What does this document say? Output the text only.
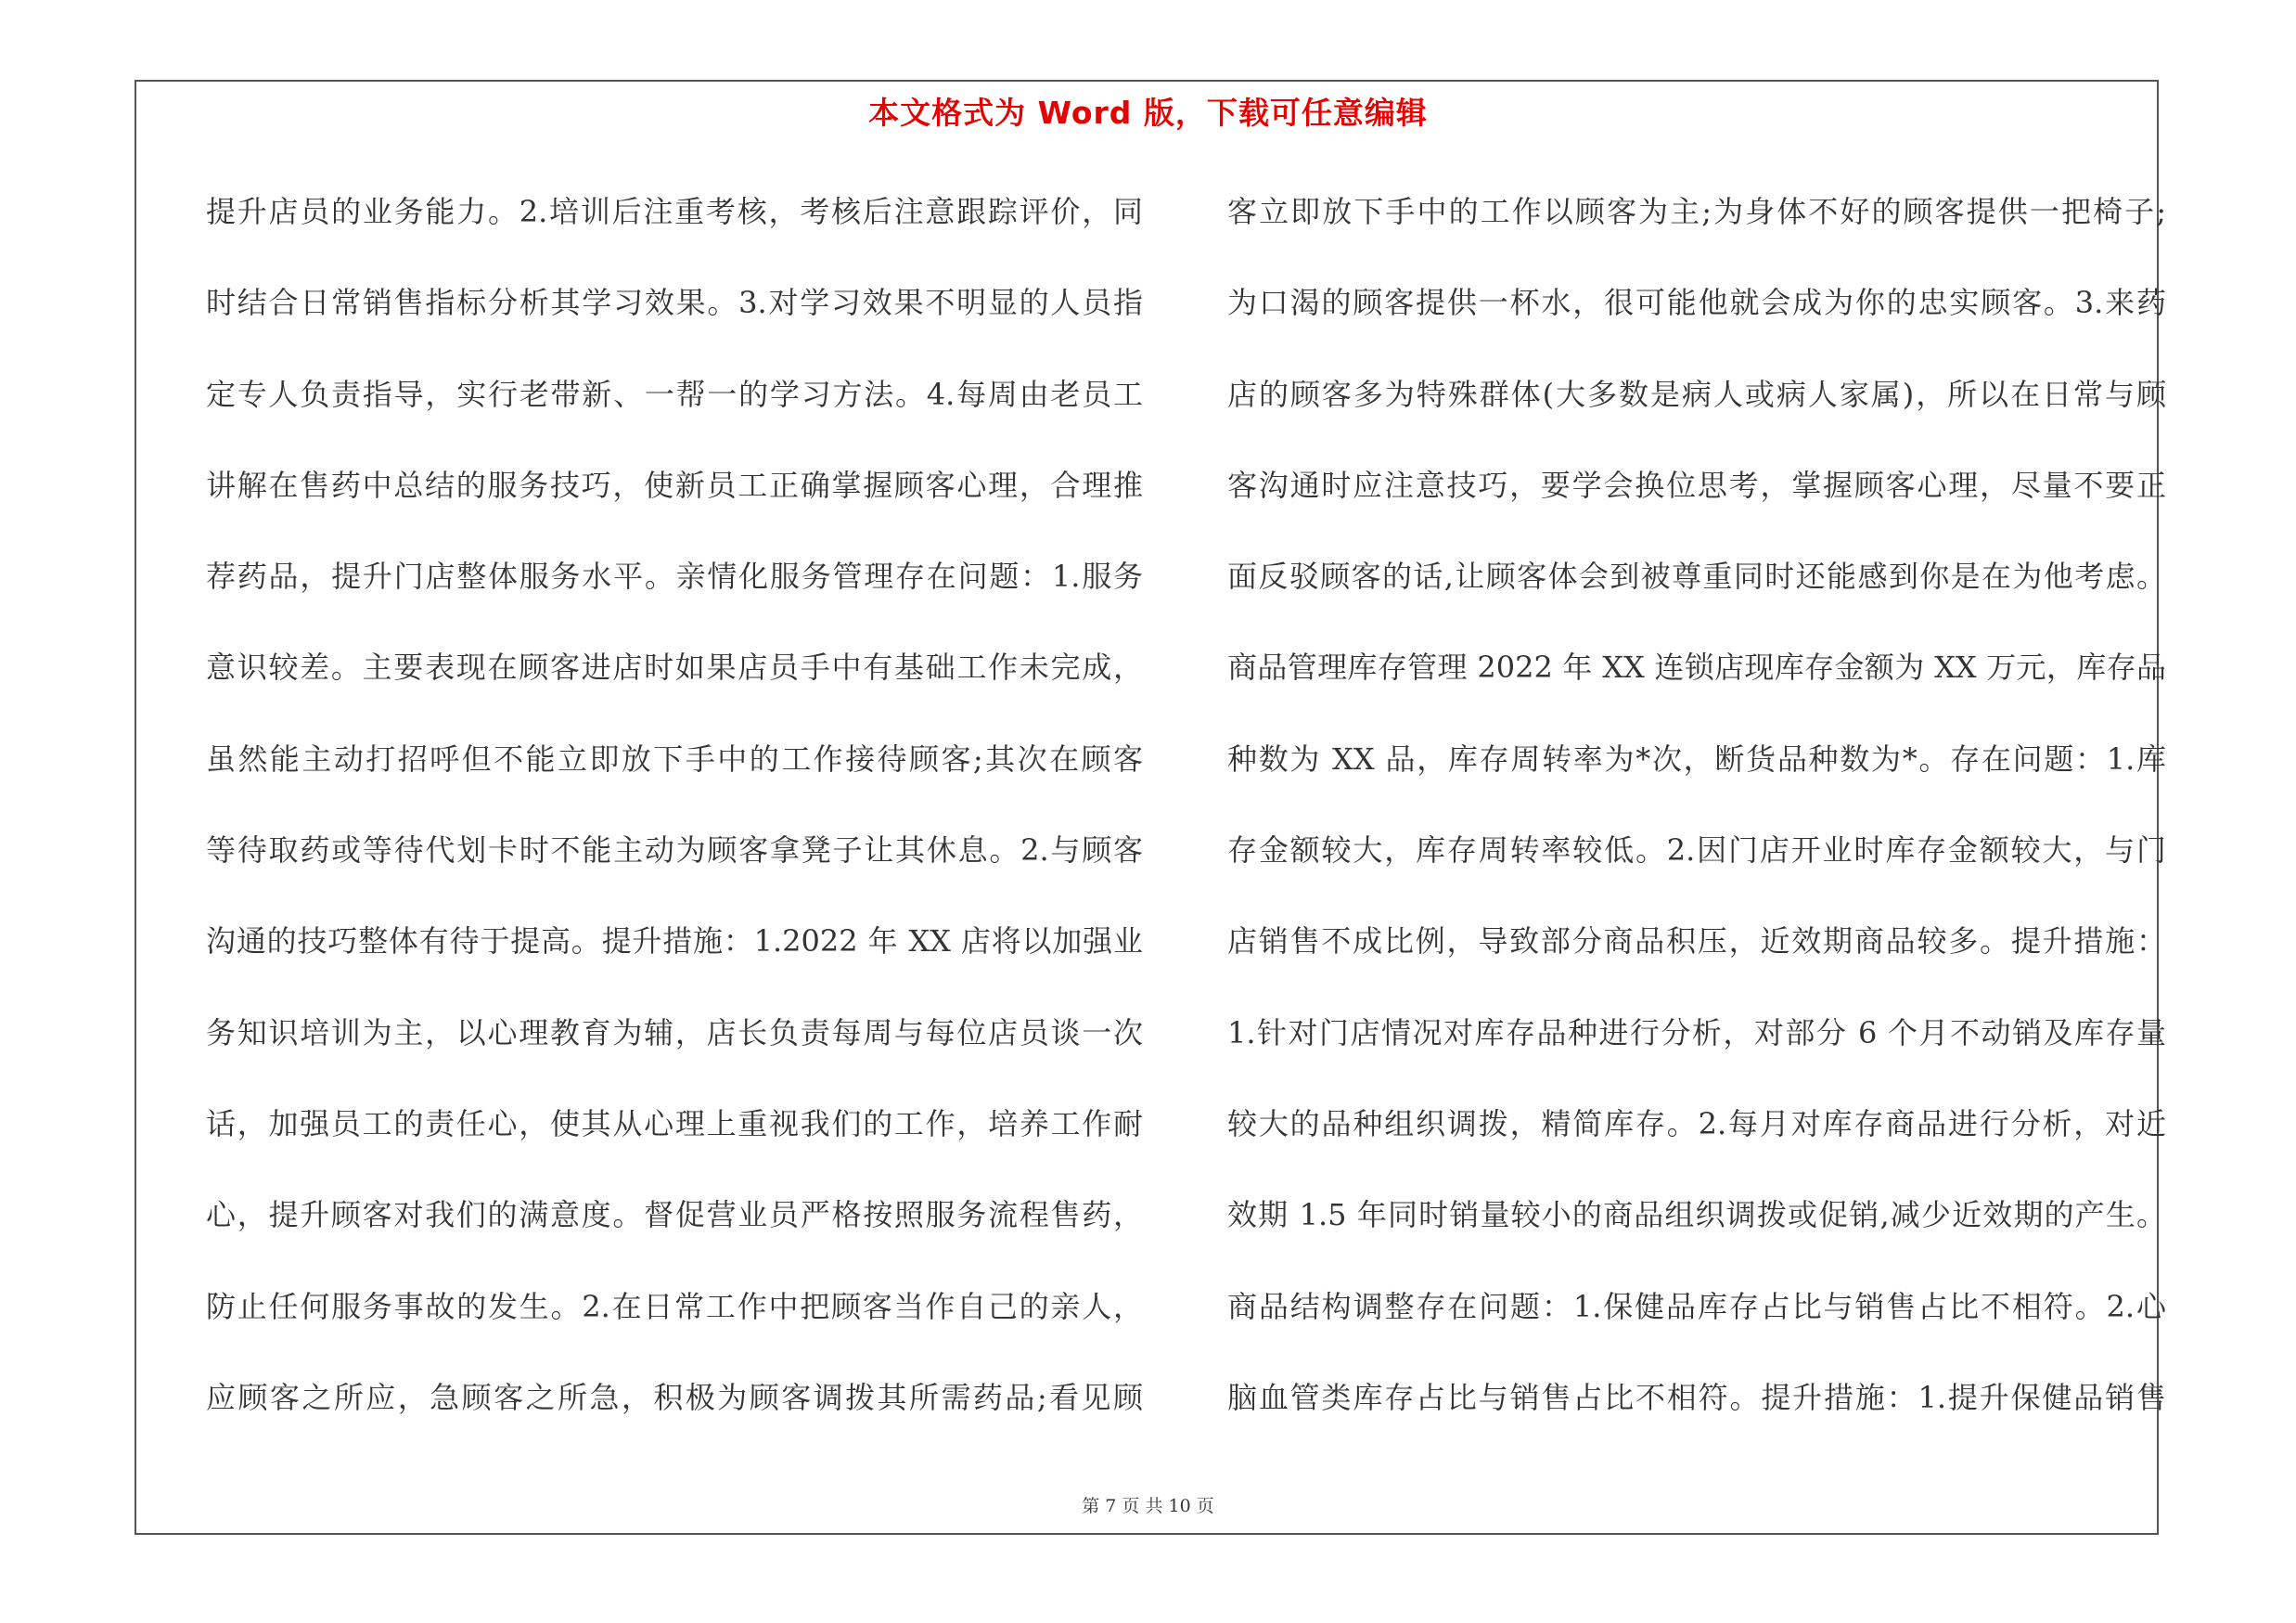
本文格式为 Word 版，下载可任意编辑
提升店员的业务能力。2.培训后注重考核，考核后注意跟踪评价，同
时结合日常销售指标分析其学习效果。3.对学习效果不明显的人员指
定专人负责指导，实行老带新、一帮一的学习方法。4.每周由老员工
讲解在售药中总结的服务技巧，使新员工正确掌握顾客心理，合理推
荐药品，提升门店整体服务水平。亲情化服务管理存在问题：1.服务
意识较差。主要表现在顾客进店时如果店员手中有基础工作未完成，
虽然能主动打招呼但不能立即放下手中的工作接待顾客;其次在顾客
等待取药或等待代划卡时不能主动为顾客拿凳子让其休息。2.与顾客
沟通的技巧整体有待于提高。提升措施：1.2022 年 XX 店将以加强业
务知识培训为主，以心理教育为辅，店长负责每周与每位店员谈一次
话，加强员工的责任心，使其从心理上重视我们的工作，培养工作耐
心，提升顾客对我们的满意度。督促营业员严格按照服务流程售药，
防止任何服务事故的发生。2.在日常工作中把顾客当作自己的亲人，
应顾客之所应，急顾客之所急，积极为顾客调拨其所需药品;看见顾
客立即放下手中的工作以顾客为主;为身体不好的顾客提供一把椅子;
为口渴的顾客提供一杯水，很可能他就会成为你的忠实顾客。3.来药
店的顾客多为特殊群体(大多数是病人或病人家属)，所以在日常与顾
客沟通时应注意技巧，要学会换位思考，掌握顾客心理，尽量不要正
面反驳顾客的话,让顾客体会到被尊重同时还能感到你是在为他考虑。
商品管理库存管理 2022 年 XX 连锁店现库存金额为 XX 万元，库存品
种数为 XX 品，库存周转率为*次，断货品种数为*。存在问题：1.库
存金额较大，库存周转率较低。2.因门店开业时库存金额较大，与门
店销售不成比例，导致部分商品积压，近效期商品较多。提升措施：
1.针对门店情况对库存品种进行分析，对部分 6 个月不动销及库存量
较大的品种组织调拨，精简库存。2.每月对库存商品进行分析，对近
效期 1.5 年同时销量较小的商品组织调拨或促销,减少近效期的产生。
商品结构调整存在问题：1.保健品库存占比与销售占比不相符。2.心
脑血管类库存占比与销售占比不相符。提升措施：1.提升保健品销售
第 7 页 共 10 页
